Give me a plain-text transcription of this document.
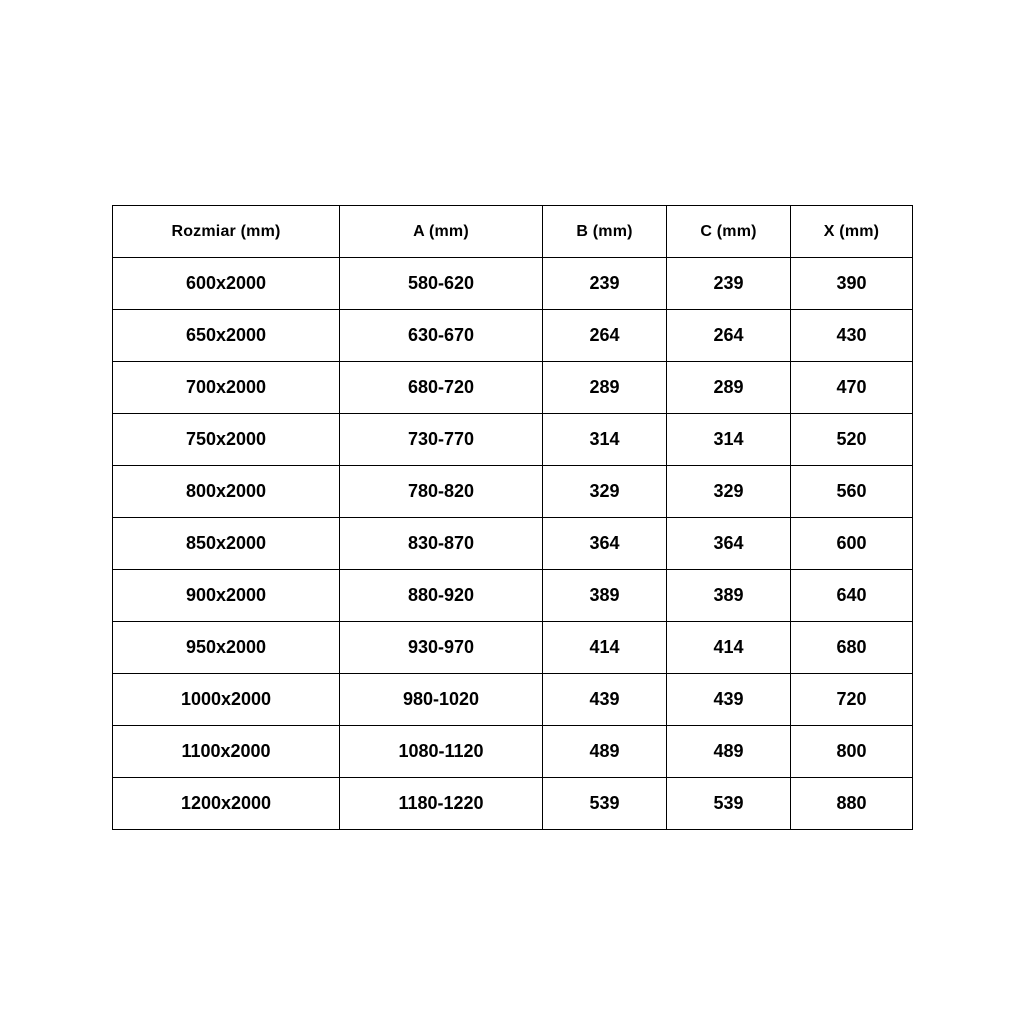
Rozmiar (mm)	A (mm)	B (mm)	C (mm)	X (mm)
600x2000	580-620	239	239	390
650x2000	630-670	264	264	430
700x2000	680-720	289	289	470
750x2000	730-770	314	314	520
800x2000	780-820	329	329	560
850x2000	830-870	364	364	600
900x2000	880-920	389	389	640
950x2000	930-970	414	414	680
1000x2000	980-1020	439	439	720
1100x2000	1080-1120	489	489	800
1200x2000	1180-1220	539	539	880
